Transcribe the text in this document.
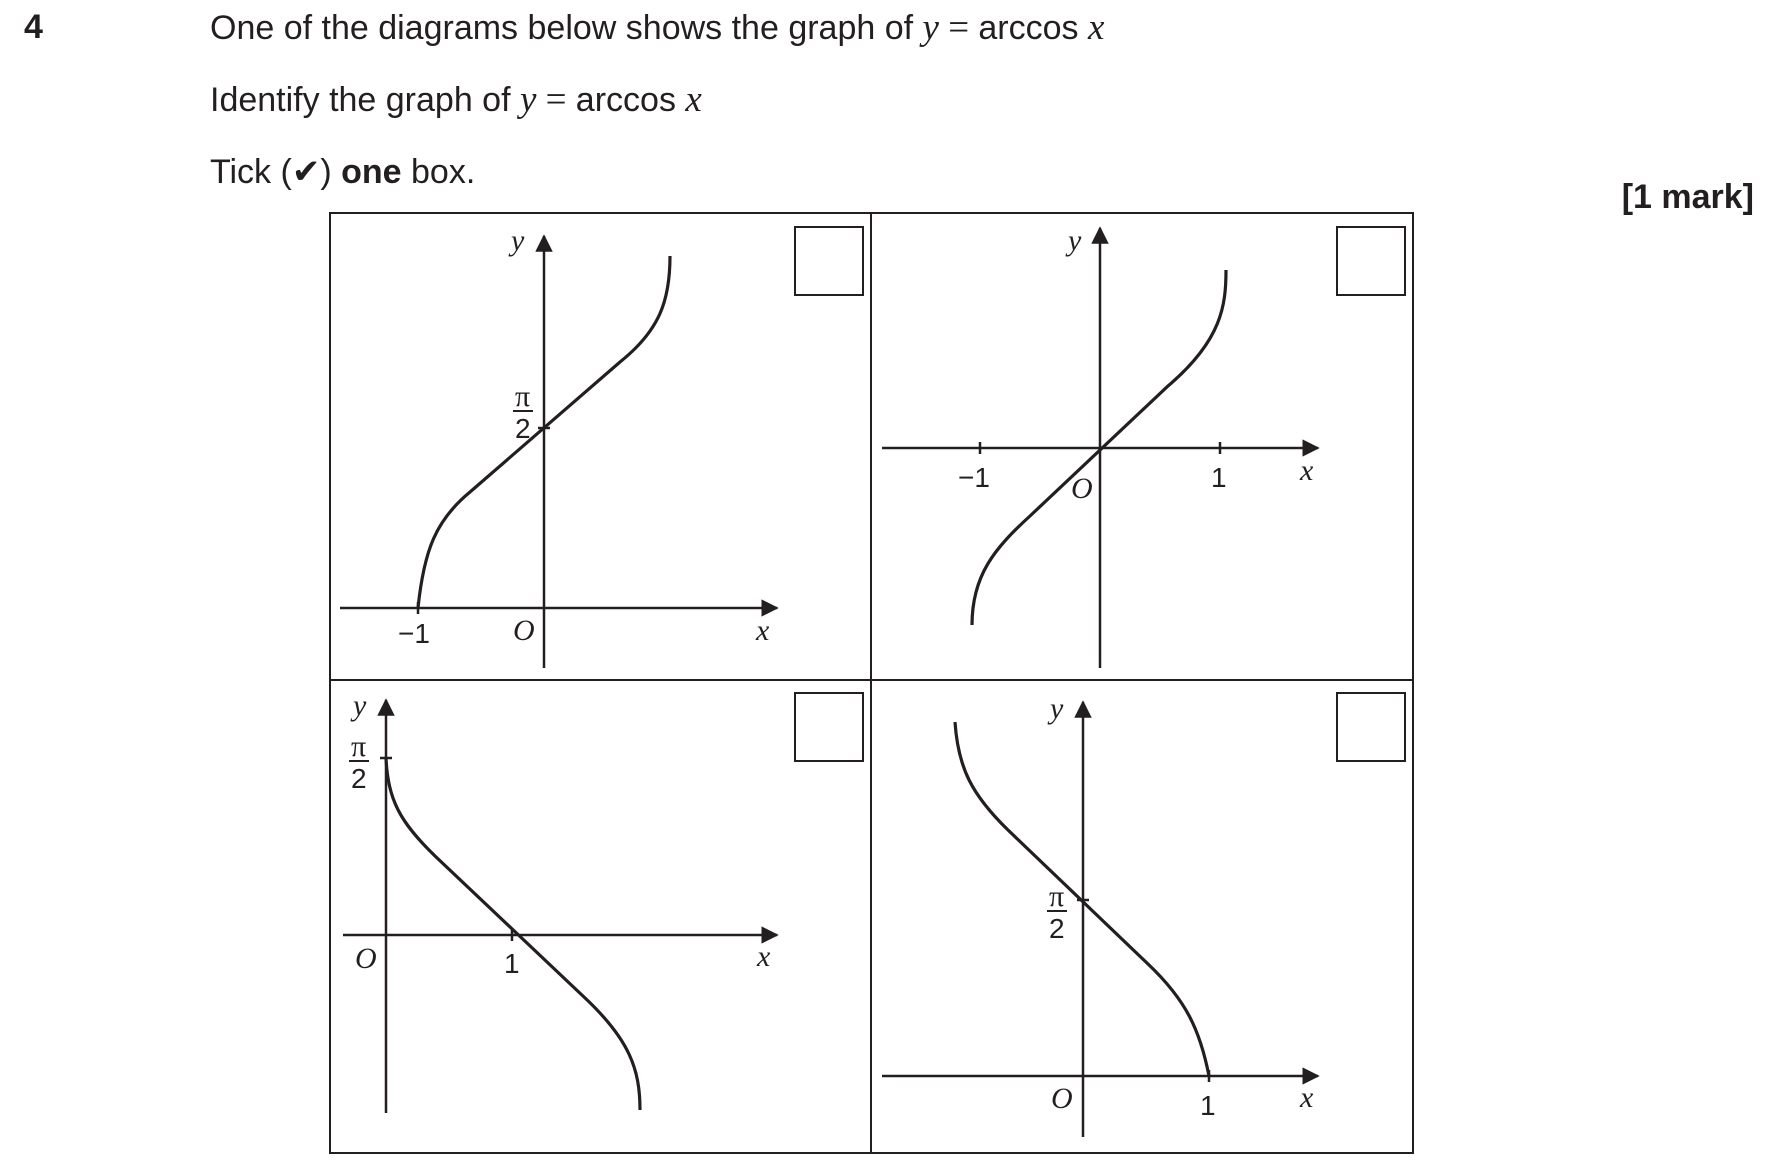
4	One of the diagrams below shows the graph of y = arccos x
Identify the graph of y = arccos x
Tick (✔) one box.
[1 mark]
y
x
O
−1
π
2
y
x
O
−1	1
y
x
O	1
π
2
y
x
O	1
π
2
